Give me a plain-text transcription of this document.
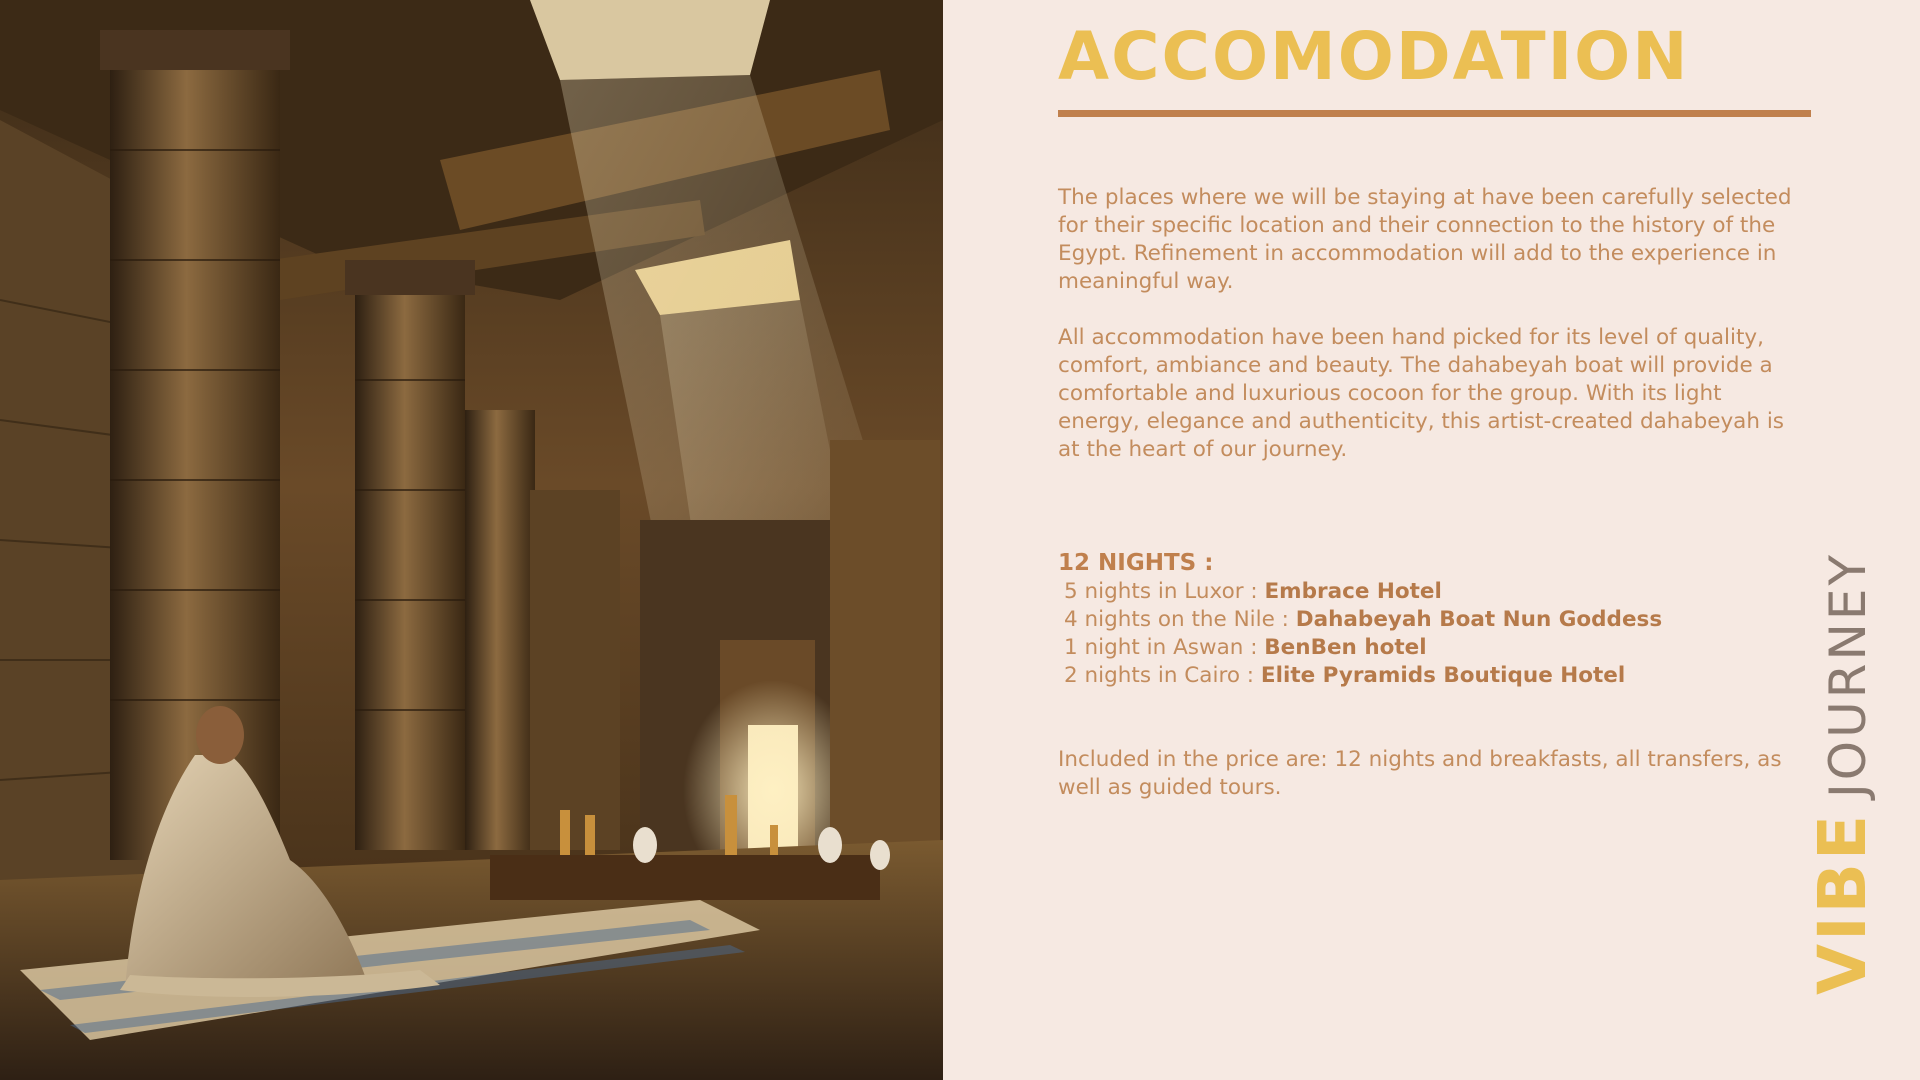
ACCOMODATION

The places where we will be staying at have been carefully selected for their specific location and their connection to the history of the Egypt. Refinement in accommodation will add to the experience in meaningful way.

All accommodation have been hand picked for its level of quality, comfort, ambiance and beauty. The dahabeyah boat will provide a comfortable and luxurious cocoon for the group. With its light energy, elegance and authenticity, this artist-created dahabeyah is at the heart of our journey.

12 NIGHTS :
5 nights in Luxor : Embrace Hotel
4 nights on the Nile : Dahabeyah Boat Nun Goddess
1 night in Aswan : BenBen hotel
2 nights in Cairo : Elite Pyramids Boutique Hotel

Included in the price are: 12 nights and breakfasts, all transfers, as well as guided tours.

VIBEJOURNEY
